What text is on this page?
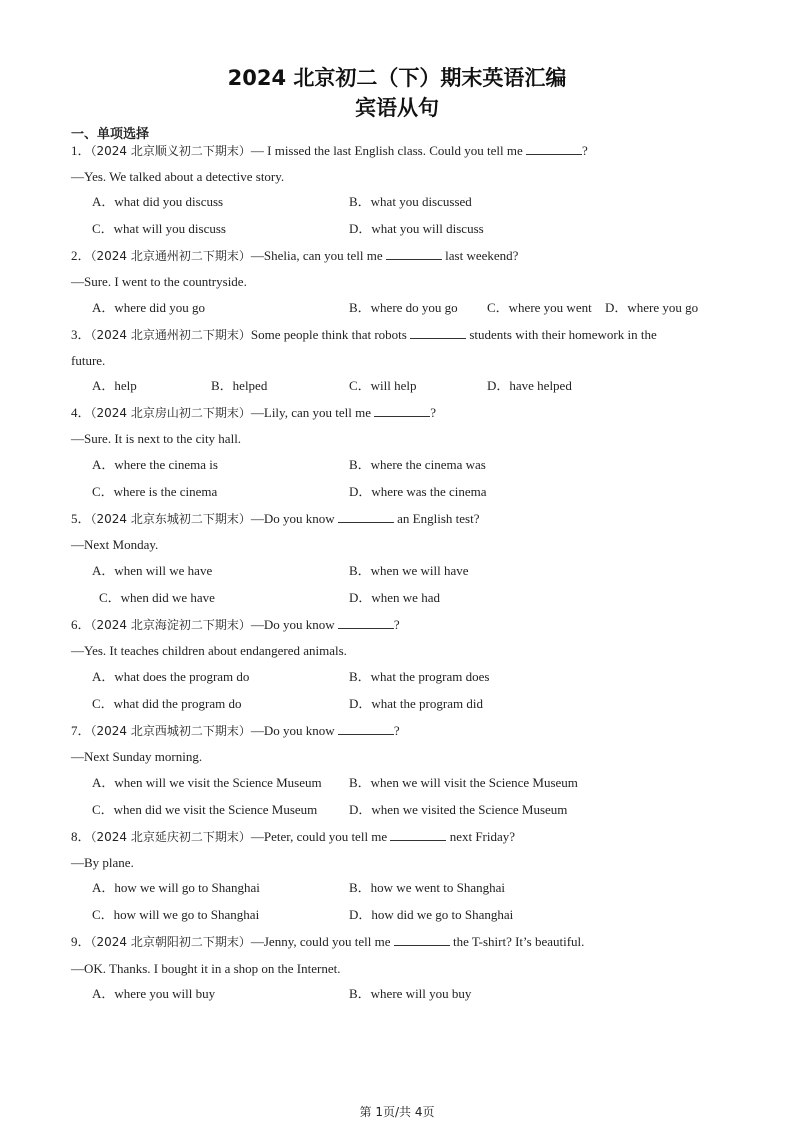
2024 北京初二（下）期末英语汇编
宾语从句
一、单项选择
1．（2024 北京顺义初二下期末）— I missed the last English class. Could you tell me	?
—Yes. We talked about a detective story.
A．what did you discuss	B．what you discussed
C．what will you discuss	D．what you will discuss
2．（2024 北京通州初二下期末）—Shelia, can you tell me	last weekend?
—Sure. I went to the countryside.
A．where did you go	B．where do you go C．where you went D．where you go
3．（2024 北京通州初二下期末）Some people think that robots	students with their homework in the
future.
A．help	B．helped	C．will help	D．have helped
4．（2024 北京房山初二下期末）—Lily, can you tell me	?
—Sure. It is next to the city hall.
A．where the cinema is	B．where the cinema was
C．where is the cinema	D．where was the cinema
5．（2024 北京东城初二下期末）—Do you know	an English test?
—Next Monday.
A．when will we have	B．when we will have
C．when did we have	D．when we had
6．（2024 北京海淀初二下期末）—Do you know	?
—Yes. It teaches children about endangered animals.
A．what does the program do	B．what the program does
C．what did the program do	D．what the program did
7．（2024 北京西城初二下期末）—Do you know	?
—Next Sunday morning.
A．when will we visit the Science Museum B．when we will visit the Science Museum
C．when did we visit the Science Museum D．when we visited the Science Museum
8．（2024 北京延庆初二下期末）—Peter, could you tell me	next Friday?
—By plane.
A．how we will go to Shanghai	B．how we went to Shanghai
C．how will we go to Shanghai	D．how did we go to Shanghai
9．（2024 北京朝阳初二下期末）—Jenny, could you tell me	the T-shirt? It’s beautiful.
—OK. Thanks. I bought it in a shop on the Internet.
A．where you will buy	B．where will you buy
第 1页/共 4页
